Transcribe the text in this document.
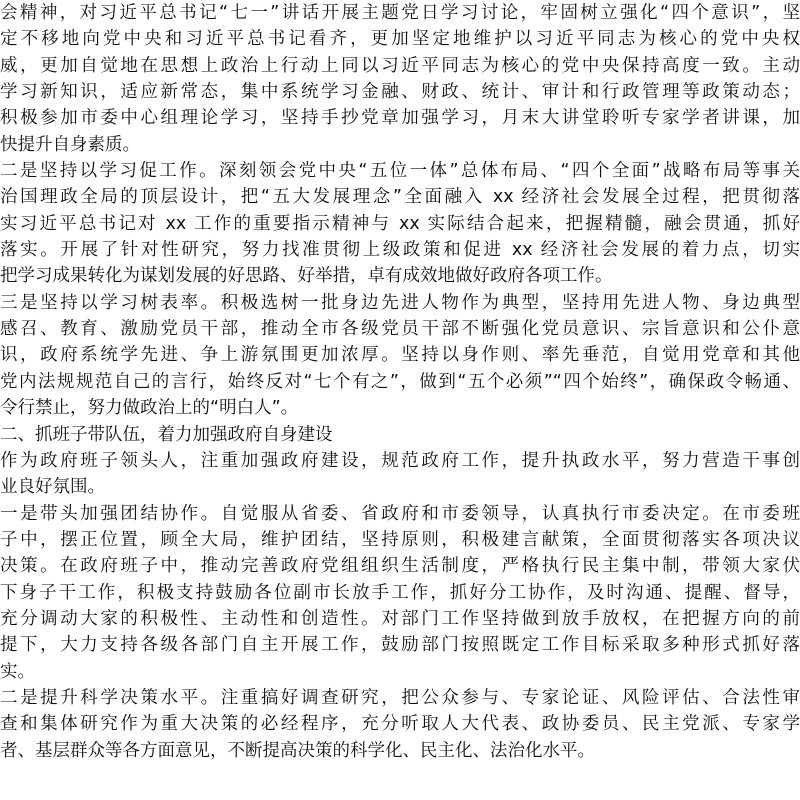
会精神，对习近平总书记“七一”讲话开展主题党日学习讨论，牢固树立强化“四个意识”，坚
定不移地向党中央和习近平总书记看齐，更加坚定地维护以习近平同志为核心的党中央权
威，更加自觉地在思想上政治上行动上同以习近平同志为核心的党中央保持高度一致。主动
学习新知识，适应新常态，集中系统学习金融、财政、统计、审计和行政管理等政策动态；
积极参加市委中心组理论学习，坚持手抄党章加强学习，月末大讲堂聆听专家学者讲课，加
快提升自身素质。
二是坚持以学习促工作。深刻领会党中央“五位一体”总体布局、“四个全面”战略布局等事关
治国理政全局的顶层设计，把“五大发展理念”全面融入 xx 经济社会发展全过程，把贯彻落
实习近平总书记对 xx 工作的重要指示精神与 xx 实际结合起来，把握精髓，融会贯通，抓好
落实。开展了针对性研究，努力找准贯彻上级政策和促进 xx 经济社会发展的着力点，切实
把学习成果转化为谋划发展的好思路、好举措，卓有成效地做好政府各项工作。
三是坚持以学习树表率。积极选树一批身边先进人物作为典型，坚持用先进人物、身边典型
感召、教育、激励党员干部，推动全市各级党员干部不断强化党员意识、宗旨意识和公仆意
识，政府系统学先进、争上游氛围更加浓厚。坚持以身作则、率先垂范，自觉用党章和其他
党内法规规范自己的言行，始终反对“七个有之”，做到“五个必须”“四个始终”，确保政令畅通、
令行禁止，努力做政治上的“明白人”。
二、抓班子带队伍，着力加强政府自身建设
作为政府班子领头人，注重加强政府建设，规范政府工作，提升执政水平，努力营造干事创
业良好氛围。
一是带头加强团结协作。自觉服从省委、省政府和市委领导，认真执行市委决定。在市委班
子中，摆正位置，顾全大局，维护团结，坚持原则，积极建言献策，全面贯彻落实各项决议
决策。在政府班子中，推动完善政府党组组织生活制度，严格执行民主集中制，带领大家伏
下身子干工作，积极支持鼓励各位副市长放手工作，抓好分工协作，及时沟通、提醒、督导，
充分调动大家的积极性、主动性和创造性。对部门工作坚持做到放手放权，在把握方向的前
提下，大力支持各级各部门自主开展工作，鼓励部门按照既定工作目标采取多种形式抓好落
实。
二是提升科学决策水平。注重搞好调查研究，把公众参与、专家论证、风险评估、合法性审
查和集体研究作为重大决策的必经程序，充分听取人大代表、政协委员、民主党派、专家学
者、基层群众等各方面意见，不断提高决策的科学化、民主化、法治化水平。
